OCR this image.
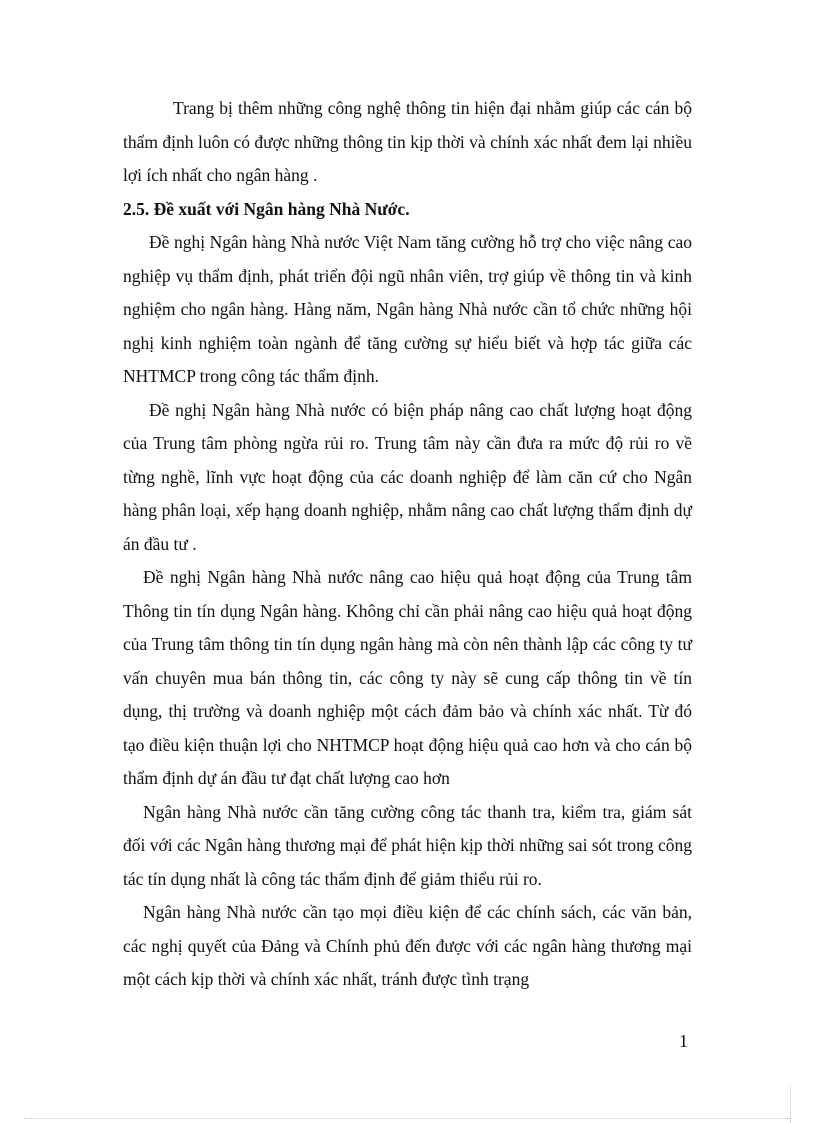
Trang bị thêm những công nghệ thông tin hiện đại nhằm giúp các cán bộ thẩm định luôn có được những thông tin kịp thời và chính xác nhất đem lại nhiều lợi ích nhất cho ngân hàng .

2.5. Đề xuất với Ngân hàng Nhà Nước.

Đề nghị Ngân hàng Nhà nước Việt Nam tăng cường hỗ trợ cho việc nâng cao nghiệp vụ thẩm định, phát triển đội ngũ nhân viên, trợ giúp về thông tin và kinh nghiệm cho ngân hàng. Hàng năm, Ngân hàng Nhà nước cần tổ chức những hội nghị kinh nghiệm toàn ngành để tăng cường sự hiểu biết và hợp tác giữa các NHTMCP trong công tác thẩm định.

Đề nghị Ngân hàng Nhà nước có biện pháp nâng cao chất lượng hoạt động của Trung tâm phòng ngừa rủi ro. Trung tâm này cần đưa ra mức độ rủi ro về từng nghề, lĩnh vực hoạt động của các doanh nghiệp để làm căn cứ cho Ngân hàng phân loại, xếp hạng doanh nghiệp, nhằm nâng cao chất lượng thẩm định dự án đầu tư .

Đề nghị Ngân hàng Nhà nước nâng cao hiệu quả hoạt động của Trung tâm Thông tin tín dụng Ngân hàng. Không chỉ cần phải nâng cao hiệu quả hoạt động của Trung tâm thông tin tín dụng ngân hàng mà còn nên thành lập các công ty tư vấn chuyên mua bán thông tin, các công ty này sẽ cung cấp thông tin về tín dụng, thị trường và doanh nghiệp một cách đảm bảo và chính xác nhất. Từ đó tạo điều kiện thuận lợi cho NHTMCP hoạt động hiệu quả cao hơn và cho cán bộ thẩm định dự án đầu tư đạt chất lượng cao hơn

Ngân hàng Nhà nước cần tăng cường công tác thanh tra, kiểm tra, giám sát đối với các Ngân hàng thương mại để phát hiện kịp thời những sai sót trong công tác tín dụng nhất là công tác thẩm định để giảm thiểu rủi ro.

Ngân hàng Nhà nước cần tạo mọi điều kiện để các chính sách, các văn bản, các nghị quyết của Đảng và Chính phủ đến được với các ngân hàng thương mại một cách kịp thời và chính xác nhất, tránh được tình trạng

1
